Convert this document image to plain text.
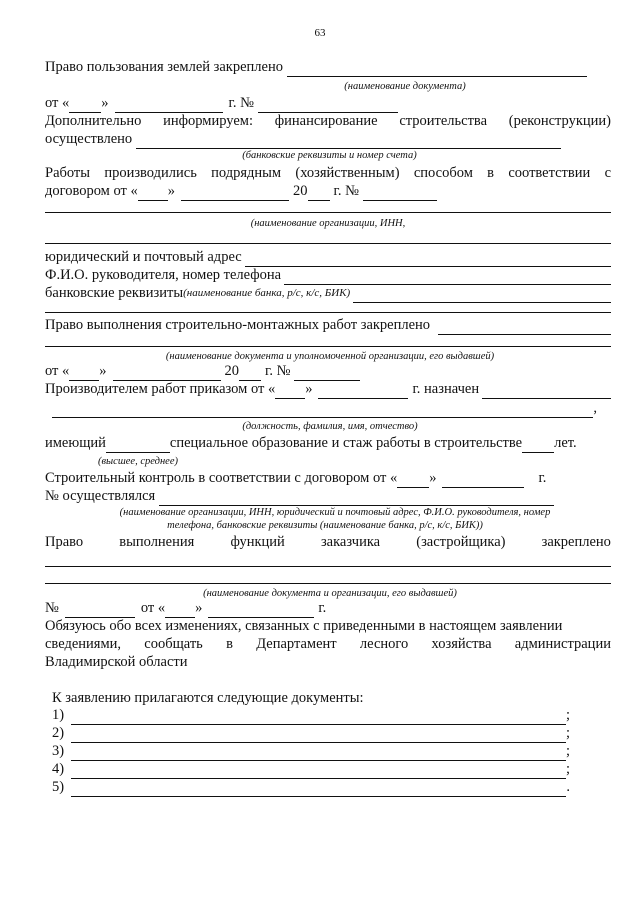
63
Право пользования землей закреплено
(наименование документа)
от « »	г. №
Дополнительно информируем: финансирование строительства (реконструкции)
осуществлено
(банковские реквизиты и номер счета)
Работы производились подрядным (хозяйственным) способом в соответствии с
договором от « »	20 г. №
(наименование организации, ИНН,
юридический и почтовый адрес
Ф.И.О. руководителя, номер телефона
банковские реквизиты (наименование банка, р/с, к/с, БИК)
Право выполнения строительно-монтажных работ закреплено
(наименование документа и уполномоченной организации, его выдавшей)
от « »	20 г. №
Производителем работ приказом от « »	г. назначен
,
(должность, фамилия, имя, отчество)
имеющий	специальное образование и стаж работы в строительстве лет.
(высшее, среднее)
Строительный контроль в соответствии с договором от « »	г.
№ осуществлялся
(наименование организации, ИНН, юридический и почтовый адрес, Ф.И.О. руководителя, номер
телефона, банковские реквизиты (наименование банка, р/с, к/с, БИК))
Право выполнения функций заказчика (застройщика) закреплено
(наименование документа и организации, его выдавшей)
№	от « »	г.
Обязуюсь обо всех изменениях, связанных с приведенными в настоящем заявлении
сведениями, сообщать в Департамент лесного хозяйства администрации
Владимирской области
К заявлению прилагаются следующие документы:
1)	;
2)	;
3)	;
4)	;
5)	.
